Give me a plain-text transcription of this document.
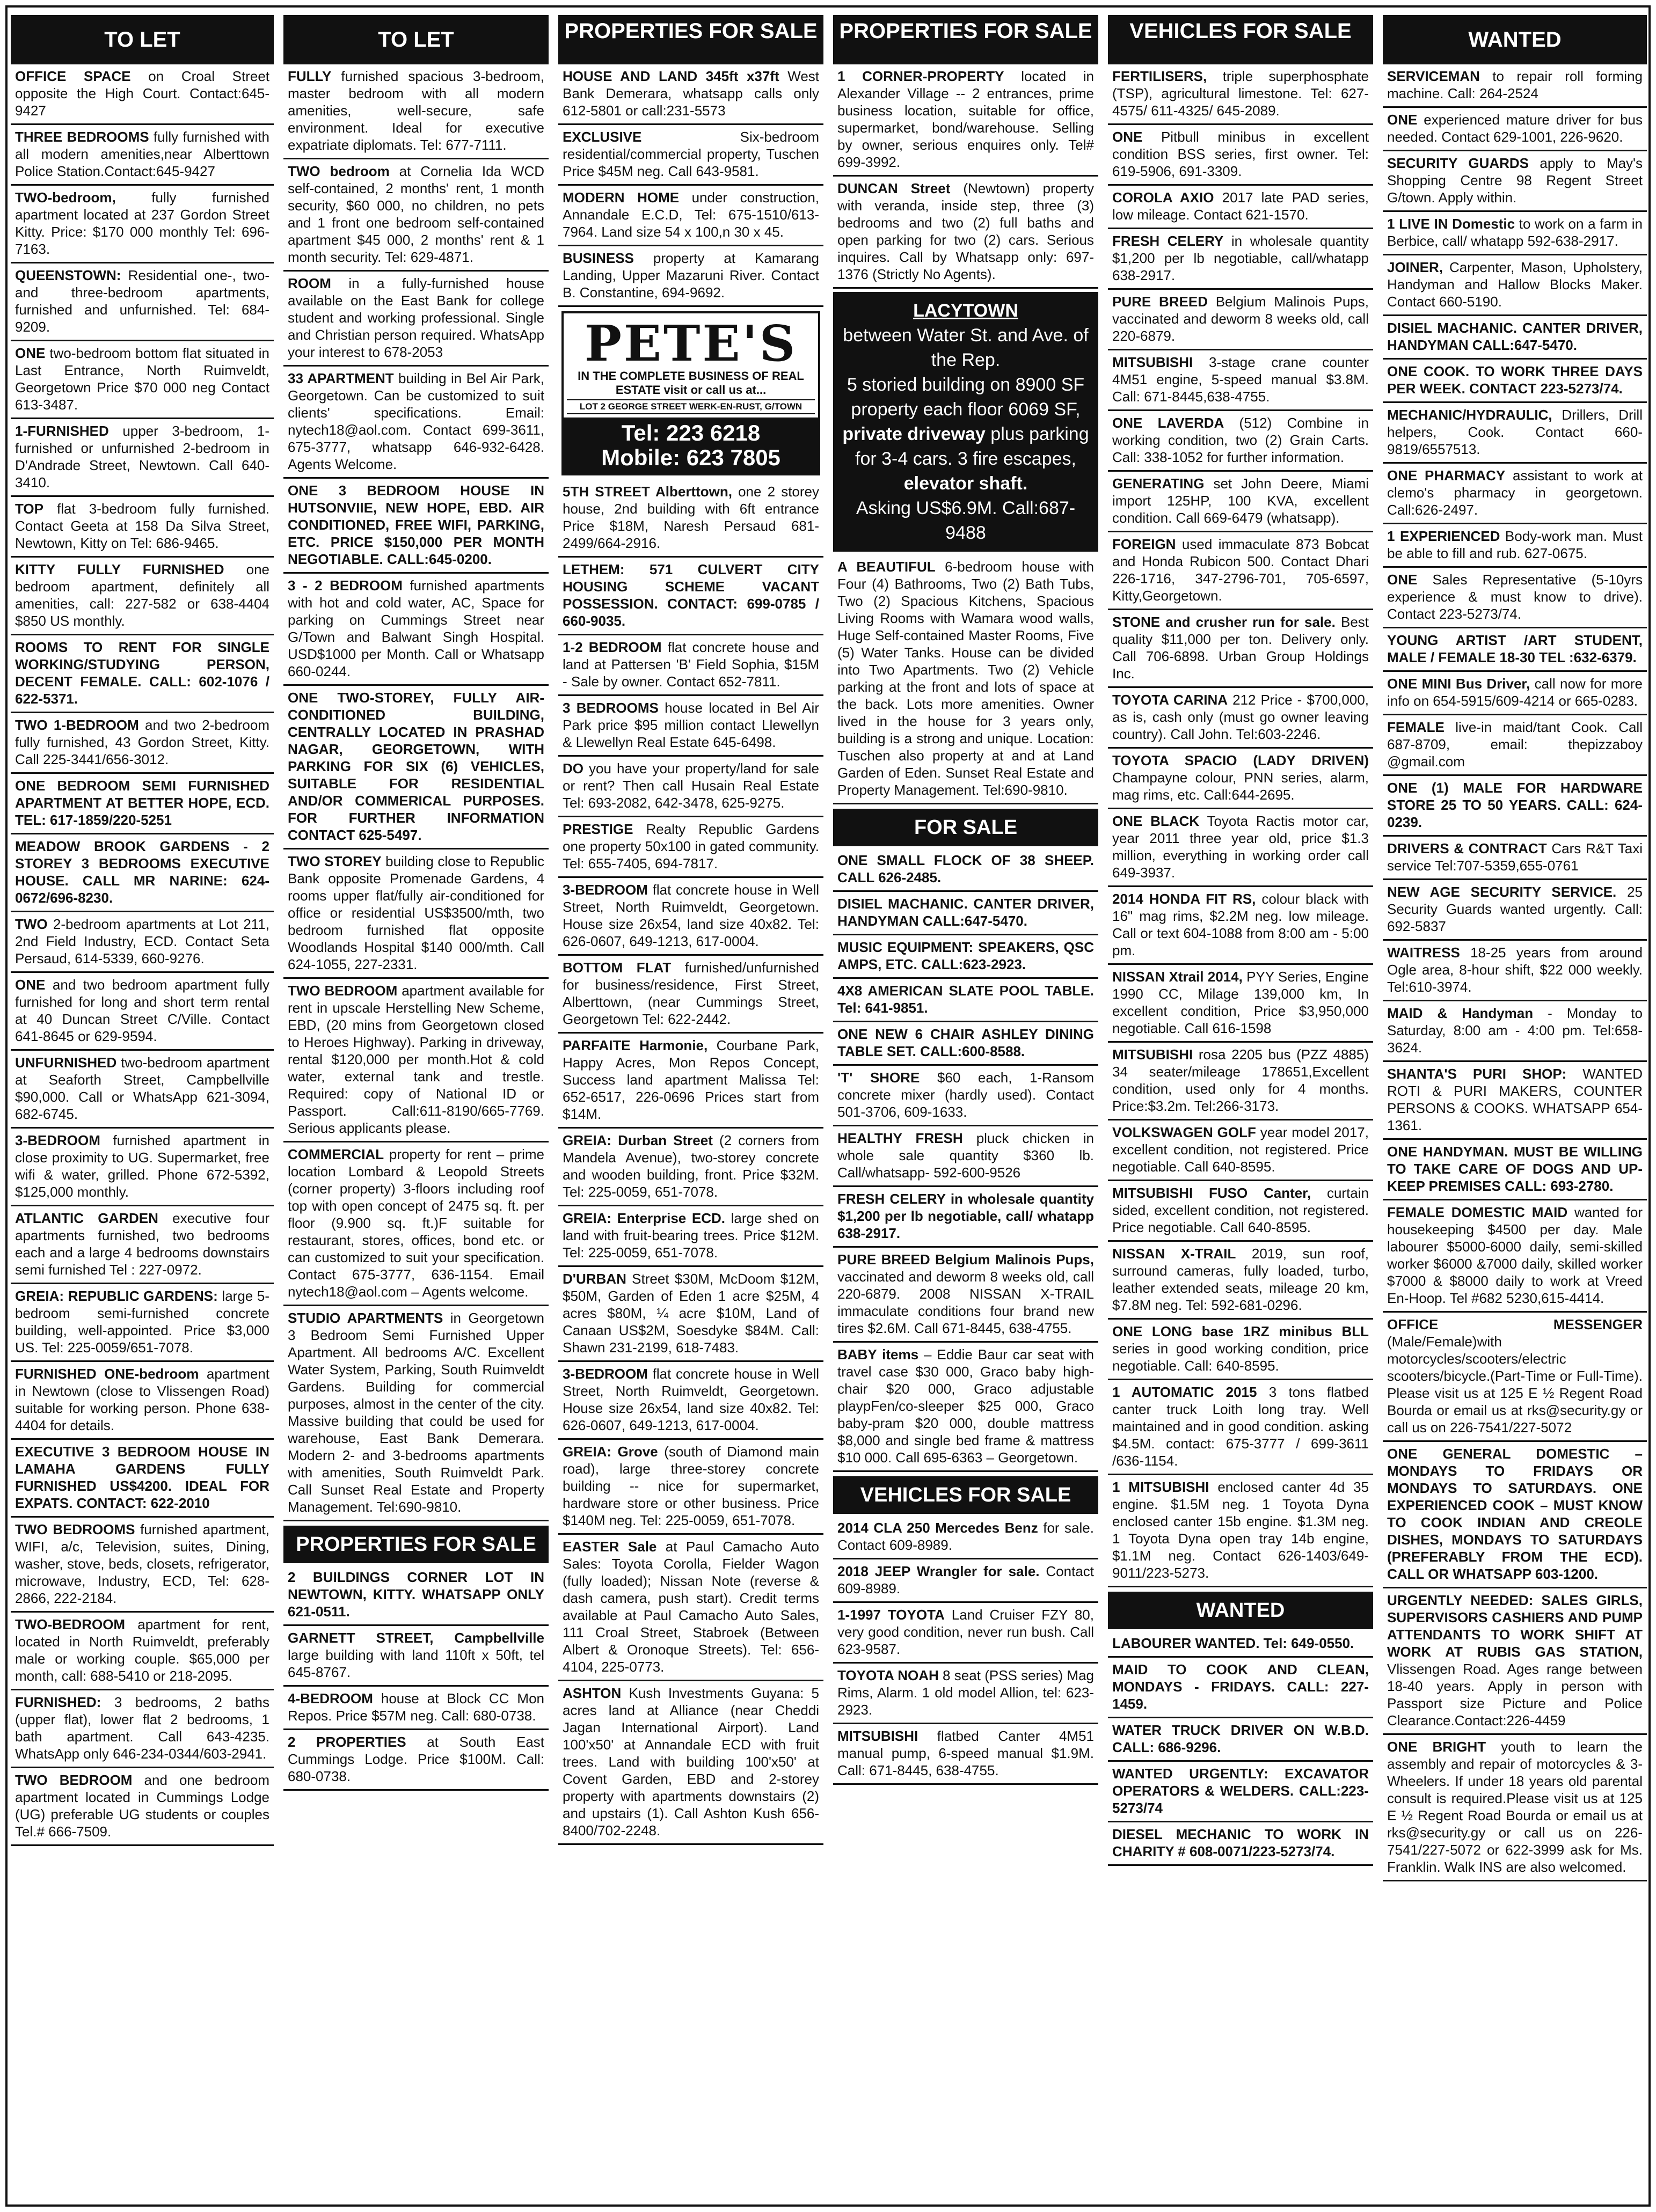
TO LET
OFFICE SPACE on Croal Street opposite the High Court. Contact:645-9427
THREE BEDROOMS fully furnished with all modern amenities,near Alberttown Police Station.Contact:645-9427
TWO-bedroom, fully furnished apartment located at 237 Gordon Street Kitty. Price: $170 000 monthly Tel: 696-7163.
QUEENSTOWN: Residential one-, two- and three-bedroom apartments, furnished and unfurnished. Tel: 684-9209.
ONE two-bedroom bottom flat situated in Last Entrance, North Ruimveldt, Georgetown Price $70 000 neg Contact 613-3487.
1-FURNISHED upper 3-bedroom, 1-furnished or unfurnished 2-bedroom in D'Andrade Street, Newtown. Call 640-3410.
TOP flat 3-bedroom fully furnished. Contact Geeta at 158 Da Silva Street, Newtown, Kitty on Tel: 686-9465.
KITTY FULLY FURNISHED one bedroom apartment, definitely all amenities, call: 227-582 or 638-4404 $850 US monthly.
ROOMS TO RENT FOR SINGLE WORKING/STUDYING PERSON, DECENT FEMALE. CALL: 602-1076 / 622-5371.
TWO 1-BEDROOM and two 2-bedroom fully furnished, 43 Gordon Street, Kitty. Call 225-3441/656-3012.
ONE BEDROOM SEMI FURNISHED APARTMENT AT BETTER HOPE, ECD. TEL: 617-1859/220-5251
MEADOW BROOK GARDENS - 2 STOREY 3 BEDROOMS EXECUTIVE HOUSE. CALL MR NARINE: 624-0672/696-8230.
TWO 2-bedroom apartments at Lot 211, 2nd Field Industry, ECD. Contact Seta Persaud, 614-5339, 660-9276.
ONE and two bedroom apartment fully furnished for long and short term rental at 40 Duncan Street C/Ville. Contact 641-8645 or 629-9594.
UNFURNISHED two-bedroom apartment at Seaforth Street, Campbellville $90,000. Call or WhatsApp 621-3094, 682-6745.
3-BEDROOM furnished apartment in close proximity to UG. Supermarket, free wifi & water, grilled. Phone 672-5392, $125,000 monthly.
ATLANTIC GARDEN executive four apartments furnished, two bedrooms each and a large 4 bedrooms downstairs semi furnished Tel : 227-0972.
GREIA: REPUBLIC GARDENS: large 5-bedroom semi-furnished concrete building, well-appointed. Price $3,000 US. Tel: 225-0059/651-7078.
FURNISHED ONE-bedroom apartment in Newtown (close to Vlissengen Road) suitable for working person. Phone 638-4404 for details.
EXECUTIVE 3 BEDROOM HOUSE IN LAMAHA GARDENS FULLY FURNISHED US$4200. IDEAL FOR EXPATS. CONTACT: 622-2010
TWO BEDROOMS furnished apartment, WIFI, a/c, Television, suites, Dining, washer, stove, beds, closets, refrigerator, microwave, Industry, ECD, Tel: 628-2866, 222-2184.
TWO-BEDROOM apartment for rent, located in North Ruimveldt, preferably male or working couple. $65,000 per month, call: 688-5410 or 218-2095.
FURNISHED: 3 bedrooms, 2 baths (upper flat), lower flat 2 bedrooms, 1 bath apartment. Call 643-4235. WhatsApp only 646-234-0344/603-2941.
TWO BEDROOM and one bedroom apartment located in Cummings Lodge (UG) preferable UG students or couples Tel.# 666-7509.
TO LET
FULLY furnished spacious 3-bedroom, master bedroom with all modern amenities, well-secure, safe environment. Ideal for executive expatriate diplomats. Tel: 677-7111.
TWO bedroom at Cornelia Ida WCD self-contained, 2 months' rent, 1 month security, $60 000, no children, no pets and 1 front one bedroom self-contained apartment $45 000, 2 months' rent & 1 month security. Tel: 629-4871.
ROOM in a fully-furnished house available on the East Bank for college student and working professional. Single and Christian person required. WhatsApp your interest to 678-2053
33 APARTMENT building in Bel Air Park, Georgetown. Can be customized to suit clients' specifications. Email: nytech18@aol.com. Contact 699-3611, 675-3777, whatsapp 646-932-6428. Agents Welcome.
ONE 3 BEDROOM HOUSE IN HUTSONVIIE, NEW HOPE, EBD. AIR CONDITIONED, FREE WIFI, PARKING, ETC. PRICE $150,000 PER MONTH NEGOTIABLE. CALL:645-0200.
3 - 2 BEDROOM furnished apartments with hot and cold water, AC, Space for parking on Cummings Street near G/Town and Balwant Singh Hospital. USD$1000 per Month. Call or Whatsapp 660-0244.
ONE TWO-STOREY, FULLY AIR-CONDITIONED BUILDING, CENTRALLY LOCATED IN PRASHAD NAGAR, GEORGETOWN, WITH PARKING FOR SIX (6) VEHICLES, SUITABLE FOR RESIDENTIAL AND/OR COMMERICAL PURPOSES. FOR FURTHER INFORMATION CONTACT 625-5497.
TWO STOREY building close to Republic Bank opposite Promenade Gardens, 4 rooms upper flat/fully air-conditioned for office or residential US$3500/mth, two bedroom furnished flat opposite Woodlands Hospital $140 000/mth. Call 624-1055, 227-2331.
TWO BEDROOM apartment available for rent in upscale Herstelling New Scheme, EBD, (20 mins from Georgetown closed to Heroes Highway). Parking in driveway, rental $120,000 per month.Hot & cold water, external tank and trestle. Required: copy of National ID or Passport. Call:611-8190/665-7769. Serious applicants please.
COMMERCIAL property for rent – prime location Lombard & Leopold Streets (corner property) 3-floors including roof top with open concept of 2475 sq. ft. per floor (9.900 sq. ft.)F suitable for restaurant, stores, offices, bond etc. or can customized to suit your specification. Contact 675-3777, 636-1154. Email nytech18@aol.com – Agents welcome.
STUDIO APARTMENTS in Georgetown 3 Bedroom Semi Furnished Upper Apartment. All bedrooms A/C. Excellent Water System, Parking, South Ruimveldt Gardens. Building for commercial purposes, almost in the center of the city. Massive building that could be used for warehouse, East Bank Demerara. Modern 2- and 3-bedrooms apartments with amenities, South Ruimveldt Park. Call Sunset Real Estate and Property Management. Tel:690-9810.
PROPERTIES FOR SALE
2 BUILDINGS CORNER LOT IN NEWTOWN, KITTY. WHATSAPP ONLY 621-0511.
GARNETT STREET, Campbellville large building with land 110ft x 50ft, tel 645-8767.
4-BEDROOM house at Block CC Mon Repos. Price $57M neg. Call: 680-0738.
2 PROPERTIES at South East Cummings Lodge. Price $100M. Call: 680-0738.
PROPERTIES FOR SALE
HOUSE AND LAND 345ft x37ft West Bank Demerara, whatsapp calls only 612-5801 or call:231-5573
EXCLUSIVE Six-bedroom residential/commercial property, Tuschen Price $45M neg. Call 643-9581.
MODERN HOME under construction, Annandale E.C.D, Tel: 675-1510/613-7964. Land size 54 x 100,n 30 x 45.
BUSINESS property at Kamarang Landing, Upper Mazaruni River. Contact B. Constantine, 694-9692.
PETE'S
IN THE COMPLETE BUSINESS OF REAL ESTATE visit or call us at...
LOT 2 GEORGE STREET WERK-EN-RUST, G/TOWN
Tel: 223 6218
Mobile: 623 7805
5TH STREET Alberttown, one 2 storey house, 2nd building with 6ft entrance Price $18M, Naresh Persaud 681-2499/664-2916.
LETHEM: 571 CULVERT CITY HOUSING SCHEME VACANT POSSESSION. CONTACT: 699-0785 / 660-9035.
1-2 BEDROOM flat concrete house and land at Pattersen 'B' Field Sophia, $15M - Sale by owner. Contact 652-7811.
3 BEDROOMS house located in Bel Air Park price $95 million contact Llewellyn & Llewellyn Real Estate 645-6498.
DO you have your property/land for sale or rent? Then call Husain Real Estate Tel: 693-2082, 642-3478, 625-9275.
PRESTIGE Realty Republic Gardens one property 50x100 in gated community. Tel: 655-7405, 694-7817.
3-BEDROOM flat concrete house in Well Street, North Ruimveldt, Georgetown. House size 26x54, land size 40x82. Tel: 626-0607, 649-1213, 617-0004.
BOTTOM FLAT furnished/unfurnished for business/residence, First Street, Alberttown, (near Cummings Street, Georgetown Tel: 622-2442.
PARFAITE Harmonie, Courbane Park, Happy Acres, Mon Repos Concept, Success land apartment Malissa Tel: 652-6517, 226-0696 Prices start from $14M.
GREIA: Durban Street (2 corners from Mandela Avenue), two-storey concrete and wooden building, front. Price $32M. Tel: 225-0059, 651-7078.
GREIA: Enterprise ECD. large shed on land with fruit-bearing trees. Price $12M. Tel: 225-0059, 651-7078.
D'URBAN Street $30M, McDoom $12M, $50M, Garden of Eden 1 acre $25M, 4 acres $80M, ¼ acre $10M, Land of Canaan US$2M, Soesdyke $84M. Call: Shawn 231-2199, 618-7483.
3-BEDROOM flat concrete house in Well Street, North Ruimveldt, Georgetown. House size 26x54, land size 40x82. Tel: 626-0607, 649-1213, 617-0004.
GREIA: Grove (south of Diamond main road), large three-storey concrete building -- nice for supermarket, hardware store or other business. Price $140M neg. Tel: 225-0059, 651-7078.
EASTER Sale at Paul Camacho Auto Sales: Toyota Corolla, Fielder Wagon (fully loaded); Nissan Note (reverse & dash camera, push start). Credit terms available at Paul Camacho Auto Sales, 111 Croal Street, Stabroek (Between Albert & Oronoque Streets). Tel: 656-4104, 225-0773.
ASHTON Kush Investments Guyana: 5 acres land at Alliance (near Cheddi Jagan International Airport). Land 100'x50' at Annandale ECD with fruit trees. Land with building 100'x50' at Covent Garden, EBD and 2-storey property with apartments downstairs (2) and upstairs (1). Call Ashton Kush 656-8400/702-2248.
PROPERTIES FOR SALE
1 CORNER-PROPERTY located in Alexander Village -- 2 entrances, prime business location, suitable for office, supermarket, bond/warehouse. Selling by owner, serious enquires only. Tel# 699-3992.
DUNCAN Street (Newtown) property with veranda, inside step, three (3) bedrooms and two (2) full baths and open parking for two (2) cars. Serious inquires. Call by Whatsapp only: 697-1376 (Strictly No Agents).
LACYTOWN
between Water St. and Ave. of the Rep.
5 storied building on 8900 SF property each floor 6069 SF,
private driveway plus parking for 3-4 cars. 3 fire escapes,
elevator shaft.
Asking US$6.9M. Call:687-9488
A BEAUTIFUL 6-bedroom house with Four (4) Bathrooms, Two (2) Bath Tubs, Two (2) Spacious Kitchens, Spacious Living Rooms with Wamara wood walls, Huge Self-contained Master Rooms, Five (5) Water Tanks. House can be divided into Two Apartments. Two (2) Vehicle parking at the front and lots of space at the back. Lots more amenities. Owner lived in the house for 3 years only, building is a strong and unique. Location: Tuschen also property at and at Land Garden of Eden. Sunset Real Estate and Property Management. Tel:690-9810.
FOR SALE
ONE SMALL FLOCK OF 38 SHEEP. CALL 626-2485.
DISIEL MACHANIC. CANTER DRIVER, HANDYMAN CALL:647-5470.
MUSIC EQUIPMENT: SPEAKERS, QSC AMPS, ETC. CALL:623-2923.
4X8 AMERICAN SLATE POOL TABLE. Tel: 641-9851.
ONE NEW 6 CHAIR ASHLEY DINING TABLE SET. CALL:600-8588.
'T' SHORE $60 each, 1-Ransom concrete mixer (hardly used). Contact 501-3706, 609-1633.
HEALTHY FRESH pluck chicken in whole sale quantity $360 lb. Call/whatsapp- 592-600-9526
FRESH CELERY in wholesale quantity $1,200 per lb negotiable, call/ whatapp 638-2917.
PURE BREED Belgium Malinois Pups, vaccinated and deworm 8 weeks old, call 220-6879. 2008 NISSAN X-TRAIL immaculate conditions four brand new tires $2.6M. Call 671-8445, 638-4755.
BABY items – Eddie Baur car seat with travel case $30 000, Graco baby high-chair $20 000, Graco adjustable playpFen/co-sleeper $25 000, Graco baby-pram $20 000, double mattress $8,000 and single bed frame & mattress $10 000. Call 695-6363 – Georgetown.
VEHICLES FOR SALE
2014 CLA 250 Mercedes Benz for sale. Contact 609-8989.
2018 JEEP Wrangler for sale. Contact 609-8989.
1-1997 TOYOTA Land Cruiser FZY 80, very good condition, never run bush. Call 623-9587.
TOYOTA NOAH 8 seat (PSS series) Mag Rims, Alarm. 1 old model Allion, tel: 623-2923.
MITSUBISHI flatbed Canter 4M51 manual pump, 6-speed manual $1.9M. Call: 671-8445, 638-4755.
VEHICLES FOR SALE
FERTILISERS, triple superphosphate (TSP), agricultural limestone. Tel: 627-4575/ 611-4325/ 645-2089.
ONE Pitbull minibus in excellent condition BSS series, first owner. Tel: 619-5906, 691-3309.
COROLA AXIO 2017 late PAD series, low mileage. Contact 621-1570.
FRESH CELERY in wholesale quantity $1,200 per lb negotiable, call/whatapp 638-2917.
PURE BREED Belgium Malinois Pups, vaccinated and deworm 8 weeks old, call 220-6879.
MITSUBISHI 3-stage crane counter 4M51 engine, 5-speed manual $3.8M. Call: 671-8445,638-4755.
ONE LAVERDA (512) Combine in working condition, two (2) Grain Carts. Call: 338-1052 for further information.
GENERATING set John Deere, Miami import 125HP, 100 KVA, excellent condition. Call 669-6479 (whatsapp).
FOREIGN used immaculate 873 Bobcat and Honda Rubicon 500. Contact Dhari 226-1716, 347-2796-701, 705-6597, Kitty,Georgetown.
STONE and crusher run for sale. Best quality $11,000 per ton. Delivery only. Call 706-6898. Urban Group Holdings Inc.
TOYOTA CARINA 212 Price - $700,000, as is, cash only (must go owner leaving country). Call John. Tel:603-2246.
TOYOTA SPACIO (LADY DRIVEN) Champayne colour, PNN series, alarm, mag rims, etc. Call:644-2695.
ONE BLACK Toyota Ractis motor car, year 2011 three year old, price $1.3 million, everything in working order call 649-3937.
2014 HONDA FIT RS, colour black with 16" mag rims, $2.2M neg. low mileage. Call or text 604-1088 from 8:00 am - 5:00 pm.
NISSAN Xtrail 2014, PYY Series, Engine 1990 CC, Milage 139,000 km, In excellent condition, Price $3,950,000 negotiable. Call 616-1598
MITSUBISHI rosa 2205 bus (PZZ 4885) 34 seater/mileage 178651,Excellent condition, used only for 4 months. Price:$3.2m. Tel:266-3173.
VOLKSWAGEN GOLF year model 2017, excellent condition, not registered. Price negotiable. Call 640-8595.
MITSUBISHI FUSO Canter, curtain sided, excellent condition, not registered. Price negotiable. Call 640-8595.
NISSAN X-TRAIL 2019, sun roof, surround cameras, fully loaded, turbo, leather extended seats, mileage 20 km, $7.8M neg. Tel: 592-681-0296.
ONE LONG base 1RZ minibus BLL series in good working condition, price negotiable. Call: 640-8595.
1 AUTOMATIC 2015 3 tons flatbed canter truck Loith long tray. Well maintained and in good condition. asking $4.5M. contact: 675-3777 / 699-3611 /636-1154.
1 MITSUBISHI enclosed canter 4d 35 engine. $1.5M neg. 1 Toyota Dyna enclosed canter 15b engine. $1.3M neg. 1 Toyota Dyna open tray 14b engine, $1.1M neg. Contact 626-1403/649-9011/223-5273.
WANTED
LABOURER WANTED. Tel: 649-0550.
MAID TO COOK AND CLEAN, MONDAYS - FRIDAYS. CALL: 227-1459.
WATER TRUCK DRIVER ON W.B.D. CALL: 686-9296.
WANTED URGENTLY: EXCAVATOR OPERATORS & WELDERS. CALL:223-5273/74
DIESEL MECHANIC TO WORK IN CHARITY # 608-0071/223-5273/74.
WANTED
SERVICEMAN to repair roll forming machine. Call: 264-2524
ONE experienced mature driver for bus needed. Contact 629-1001, 226-9620.
SECURITY GUARDS apply to May's Shopping Centre 98 Regent Street G/town. Apply within.
1 LIVE IN Domestic to work on a farm in Berbice, call/ whatapp 592-638-2917.
JOINER, Carpenter, Mason, Upholstery, Handyman and Hallow Blocks Maker. Contact 660-5190.
DISIEL MACHANIC. CANTER DRIVER, HANDYMAN CALL:647-5470.
ONE COOK. TO WORK THREE DAYS PER WEEK. CONTACT 223-5273/74.
MECHANIC/HYDRAULIC, Drillers, Drill helpers, Cook. Contact 660-9819/6557513.
ONE PHARMACY assistant to work at clemo's pharmacy in georgetown. Call:626-2497.
1 EXPERIENCED Body-work man. Must be able to fill and rub. 627-0675.
ONE Sales Representative (5-10yrs experience & must know to drive). Contact 223-5273/74.
YOUNG ARTIST /ART STUDENT, MALE / FEMALE 18-30 TEL :632-6379.
ONE MINI Bus Driver, call now for more info on 654-5915/609-4214 or 665-0283.
FEMALE live-in maid/tant Cook. Call 687-8709, email: thepizzaboy @gmail.com
ONE (1) MALE FOR HARDWARE STORE 25 TO 50 YEARS. CALL: 624-0239.
DRIVERS & CONTRACT Cars R&T Taxi service Tel:707-5359,655-0761
NEW AGE SECURITY SERVICE. 25 Security Guards wanted urgently. Call: 692-5837
WAITRESS 18-25 years from around Ogle area, 8-hour shift, $22 000 weekly. Tel:610-3974.
MAID & Handyman - Monday to Saturday, 8:00 am - 4:00 pm. Tel:658-3624.
SHANTA'S PURI SHOP: WANTED ROTI & PURI MAKERS, COUNTER PERSONS & COOKS. WHATSAPP 654-1361.
ONE HANDYMAN. MUST BE WILLING TO TAKE CARE OF DOGS AND UP-KEEP PREMISES CALL: 693-2780.
FEMALE DOMESTIC MAID wanted for housekeeping $4500 per day. Male labourer $5000-6000 daily, semi-skilled worker $6000 &7000 daily, skilled worker $7000 & $8000 daily to work at Vreed En-Hoop. Tel #682 5230,615-4414.
OFFICE MESSENGER (Male/Female)with motorcycles/scooters/electric scooters/bicycle.(Part-Time or Full-Time). Please visit us at 125 E ½ Regent Road Bourda or email us at rks@security.gy or call us on 226-7541/227-5072
ONE GENERAL DOMESTIC – MONDAYS TO FRIDAYS OR MONDAYS TO SATURDAYS. ONE EXPERIENCED COOK – MUST KNOW TO COOK INDIAN AND CREOLE DISHES, MONDAYS TO SATURDAYS (PREFERABLY FROM THE ECD). CALL OR WHATSAPP 603-1200.
URGENTLY NEEDED: SALES GIRLS, SUPERVISORS CASHIERS AND PUMP ATTENDANTS TO WORK SHIFT AT WORK AT RUBIS GAS STATION, Vlissengen Road. Ages range between 18-40 years. Apply in person with Passport size Picture and Police Clearance.Contact:226-4459
ONE BRIGHT youth to learn the assembly and repair of motorcycles & 3-Wheelers. If under 18 years old parental consult is required.Please visit us at 125 E ½ Regent Road Bourda or email us at rks@security.gy or call us on 226-7541/227-5072 or 622-3999 ask for Ms. Franklin. Walk INS are also welcomed.
